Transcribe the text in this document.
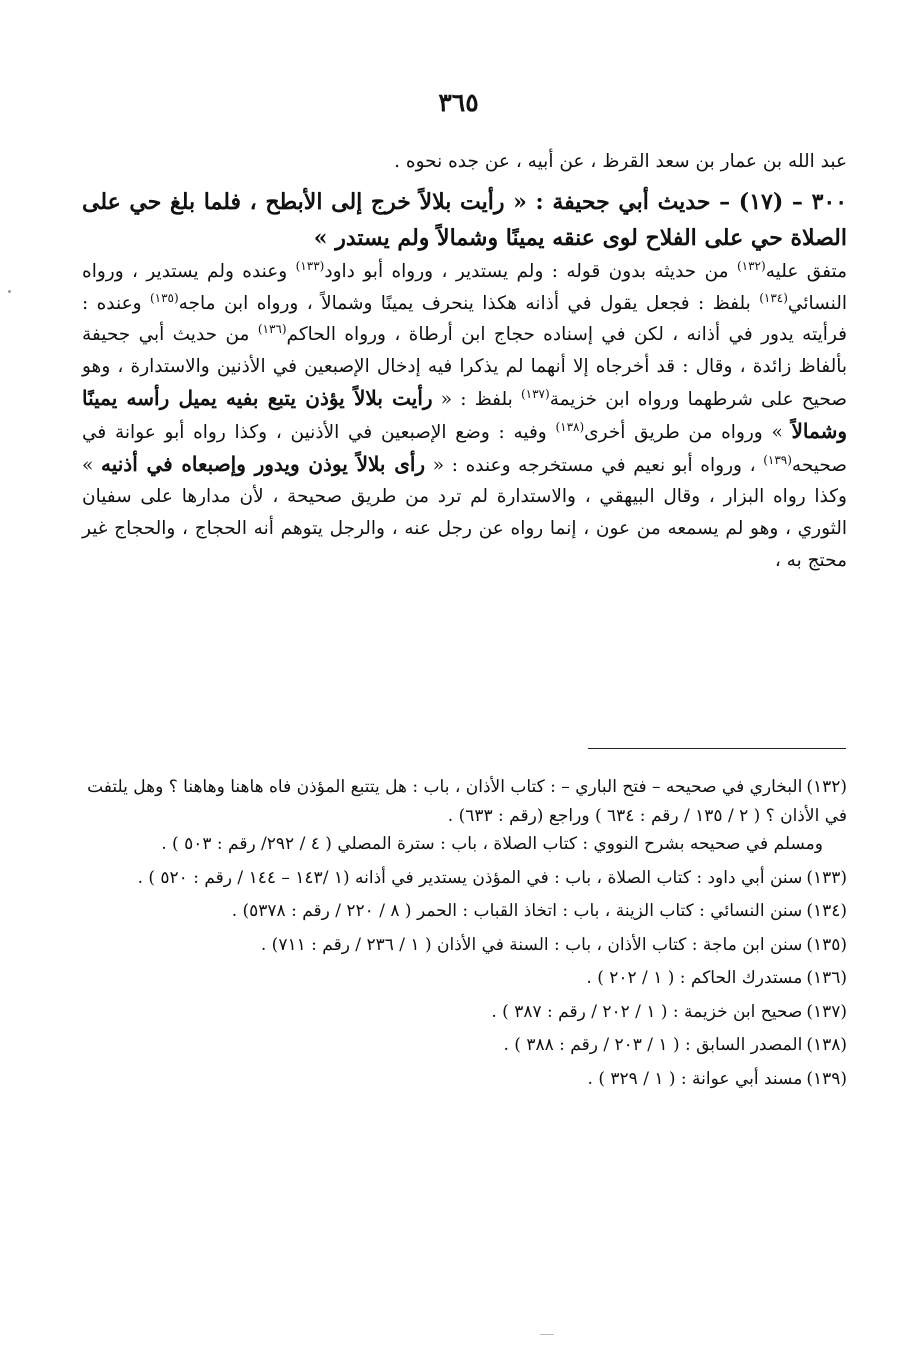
٣٦٥

عبد الله بن عمار بن سعد القرظ ، عن أبيه ، عن جده نحوه .

٣٠٠ – (١٧) – حديث أبي جحيفة : « رأيت بلالاً خرج إلى الأبطح ، فلما بلغ حي على الصلاة حي على الفلاح لوى عنقه يمينًا وشمالاً ولم يستدر »

متفق عليه$^{(١٣٢)}$ من حديثه بدون قوله : ولم يستدير ، ورواه أبو داود$^{(١٣٣)}$ وعنده ولم يستدير ، ورواه النسائي$^{(١٣٤)}$ بلفظ : فجعل يقول في أذانه هكذا ينحرف يمينًا وشمالاً ، ورواه ابن ماجه$^{(١٣٥)}$ وعنده : فرأيته يدور في أذانه ، لكن في إسناده حجاج ابن أرطاة ، ورواه الحاكم$^{(١٣٦)}$ من حديث أبي جحيفة بألفاظ زائدة ، وقال : قد أخرجاه إلا أنهما لم يذكرا فيه إدخال الإصبعين في الأذنين والاستدارة ، وهو صحيح على شرطهما ورواه ابن خزيمة$^{(١٣٧)}$ بلفظ : « رأيت بلالاً يؤذن يتبع بفيه يميل رأسه يمينًا وشمالاً » ورواه من طريق أخرى$^{(١٣٨)}$ وفيه : وضع الإصبعين في الأذنين ، وكذا رواه أبو عوانة في صحيحه$^{(١٣٩)}$ ، ورواه أبو نعيم في مستخرجه وعنده : « رأى بلالاً يوذن ويدور وإصبعاه في أذنيه » وكذا رواه البزار ، وقال البيهقي ، والاستدارة لم ترد من طريق صحيحة ، لأن مدارها على سفيان الثوري ، وهو لم يسمعه من عون ، إنما رواه عن رجل عنه ، والرجل يتوهم أنه الحجاج ، والحجاج غير محتج به ،

(١٣٢)البخاري في صحيحه – فتح الباري – : كتاب الأذان ، باب : هل يتتبع المؤذن فاه هاهنا وهاهنا ؟ وهل يلتفت في الأذان ؟ ( ٢ / ١٣٥ / رقم : ٦٣٤ ) وراجع (رقم : ٦٣٣) .
ومسلم في صحيحه بشرح النووي : كتاب الصلاة ، باب : سترة المصلي ( ٤ / ٢٩٢/ رقم : ٥٠٣ ) .

(١٣٣)سنن أبي داود : كتاب الصلاة ، باب : في المؤذن يستدير في أذانه (١ /١٤٣ – ١٤٤ / رقم : ٥٢٠ ) .

(١٣٤)سنن النسائي : كتاب الزينة ، باب : اتخاذ القباب : الحمر ( ٨ / ٢٢٠ / رقم : ٥٣٧٨) .

(١٣٥)سنن ابن ماجة : كتاب الأذان ، باب : السنة في الأذان ( ١ / ٢٣٦ / رقم : ٧١١) .

(١٣٦)مستدرك الحاكم : ( ١ / ٢٠٢ ) .

(١٣٧)صحيح ابن خزيمة : ( ١ / ٢٠٢ / رقم : ٣٨٧ ) .

(١٣٨)المصدر السابق : ( ١ / ٢٠٣ / رقم : ٣٨٨ ) .

(١٣٩)مسند أبي عوانة : ( ١ / ٣٢٩ ) .
